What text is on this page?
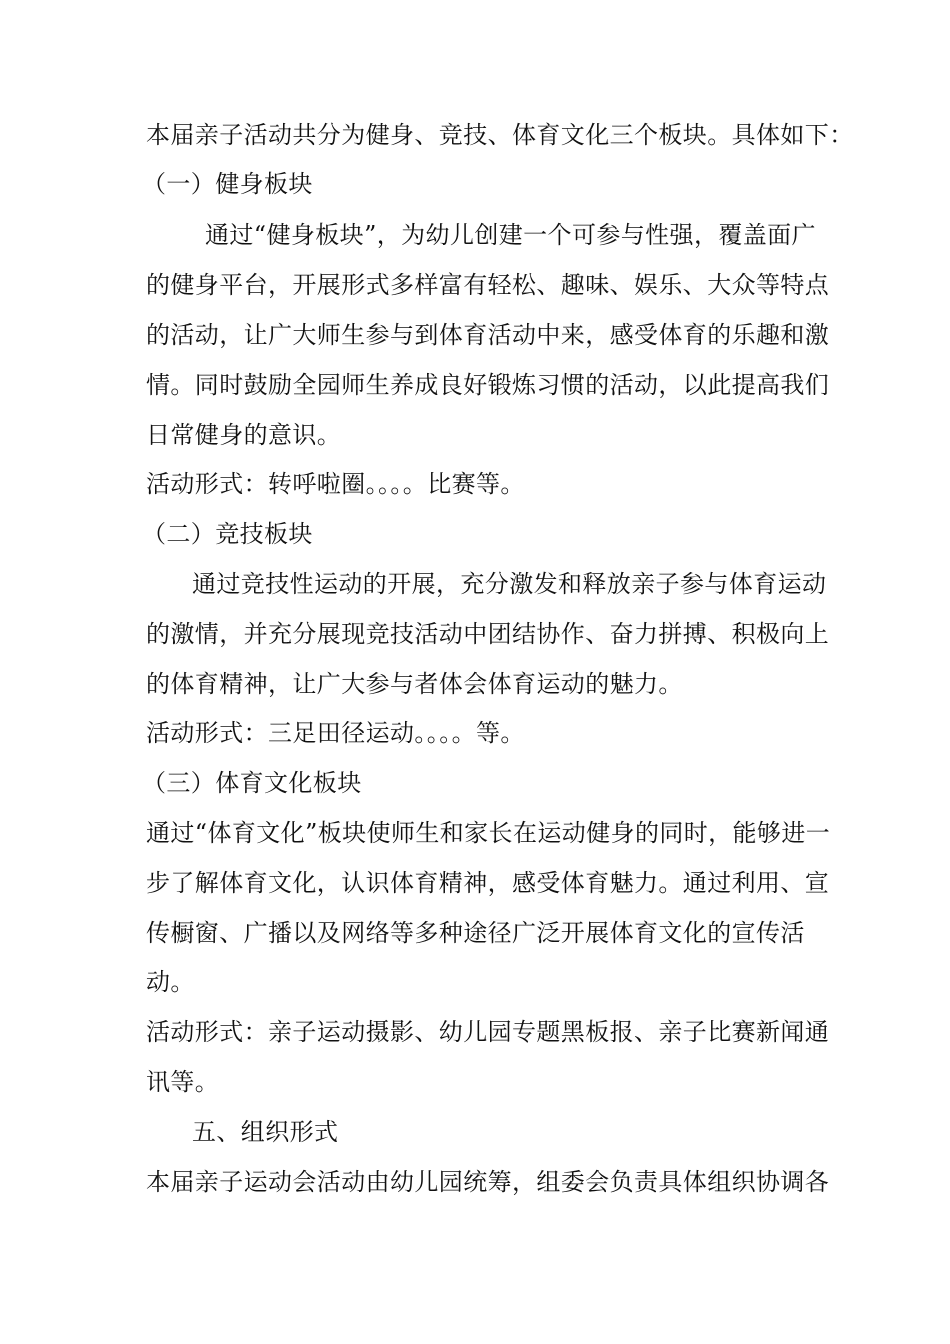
本届亲子活动共分为健身、竞技、体育文化三个板块。具体如下：
（一）健身板块
通过“健身板块”，为幼儿创建一个可参与性强，覆盖面广
的健身平台，开展形式多样富有轻松、趣味、娱乐、大众等特点
的活动，让广大师生参与到体育活动中来，感受体育的乐趣和激
情。同时鼓励全园师生养成良好锻炼习惯的活动，以此提高我们
日常健身的意识。
活动形式：转呼啦圈。。。。比赛等。
（二）竞技板块
通过竞技性运动的开展，充分激发和释放亲子参与体育运动
的激情，并充分展现竞技活动中团结协作、奋力拼搏、积极向上
的体育精神，让广大参与者体会体育运动的魅力。
活动形式：三足田径运动。。。。等。
（三）体育文化板块
通过“体育文化”板块使师生和家长在运动健身的同时，能够进一
步了解体育文化，认识体育精神，感受体育魅力。通过利用、宣
传橱窗、广播以及网络等多种途径广泛开展体育文化的宣传活
动。
活动形式：亲子运动摄影、幼儿园专题黑板报、亲子比赛新闻通
讯等。
五、组织形式
本届亲子运动会活动由幼儿园统筹，组委会负责具体组织协调各
